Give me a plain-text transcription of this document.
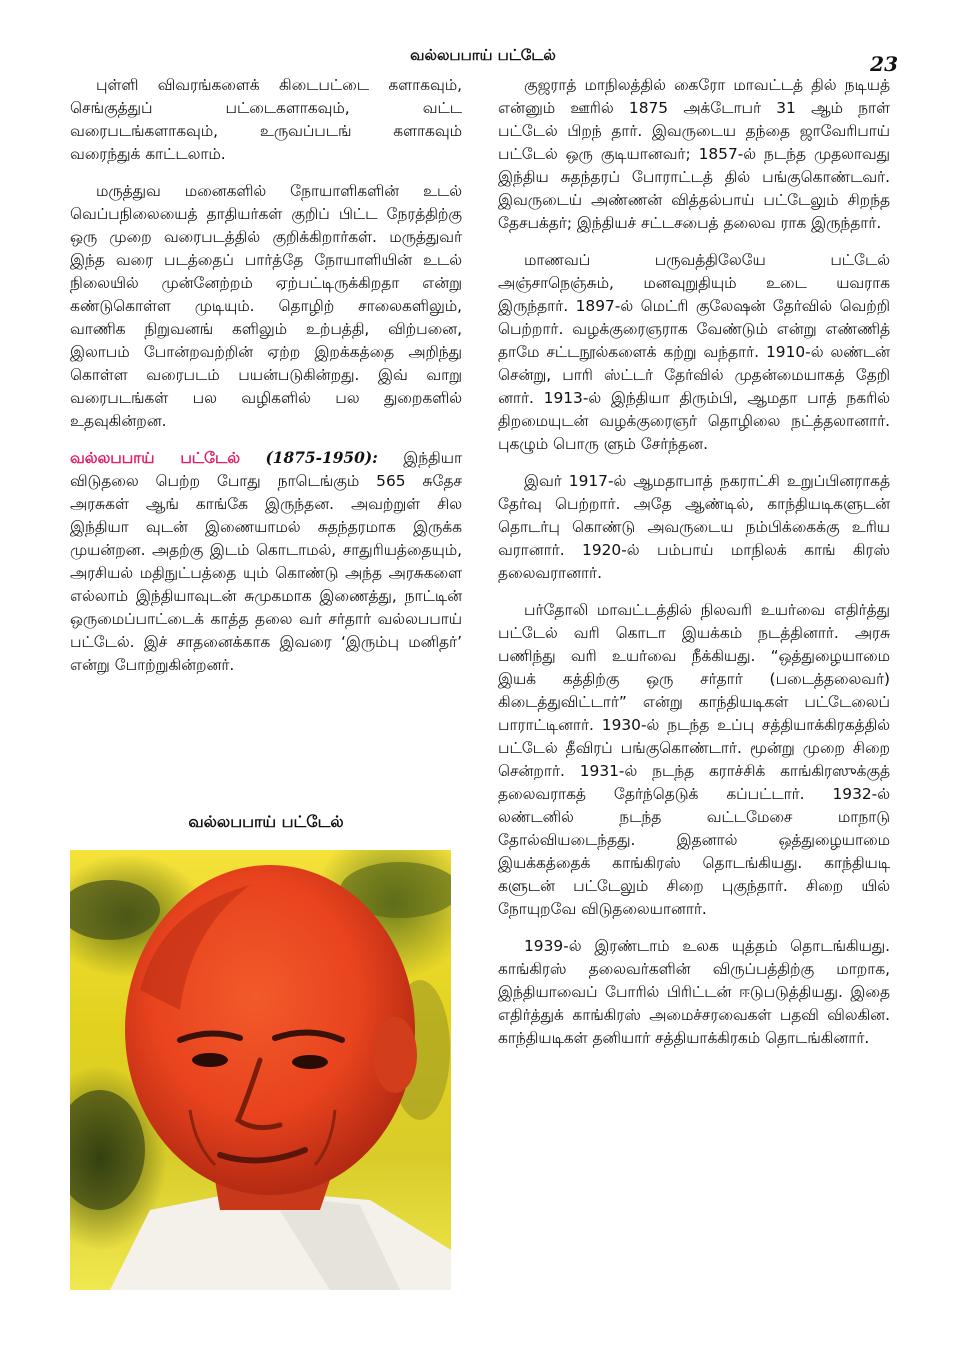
வல்லபபாய் பட்டேல்	23

புள்ளி விவரங்களைக் கிடைபட்டை களாகவும், செங்குத்துப் பட்டைகளாகவும், வட்ட வரைபடங்களாகவும், உருவப்படங் களாகவும் வரைந்துக் காட்டலாம்.

மருத்துவ மனைகளில் நோயாளிகளின் உடல் வெப்பநிலையைத் தாதியர்கள் குறிப் பிட்ட நேரத்திற்கு ஒரு முறை வரைபடத்தில் குறிக்கிறார்கள். மருத்துவர் இந்த வரை படத்தைப் பார்த்தே நோயாளியின் உடல் நிலையில் முன்னேற்றம் ஏற்பட்டிருக்கிறதா என்று கண்டுகொள்ள முடியும். தொழிற் சாலைகளிலும், வாணிக நிறுவனங் களிலும் உற்பத்தி, விற்பனை, இலாபம் போன்றவற்றின் ஏற்ற இறக்கத்தை அறிந்து கொள்ள வரைபடம் பயன்படுகின்றது. இவ் வாறு வரைபடங்கள் பல வழிகளில் பல துறைகளில் உதவுகின்றன.

வல்லபபாய் பட்டேல் (1875-1950): இந்தியா விடுதலை பெற்ற போது நாடெங்கும் 565 சுதேச அரசுகள் ஆங் காங்கே இருந்தன. அவற்றுள் சில இந்தியா வுடன் இணையாமல் சுதந்தரமாக இருக்க முயன்றன. அதற்கு இடம் கொடாமல், சாதுரியத்தையும், அரசியல் மதிநுட்பத்தை யும் கொண்டு அந்த அரசுகளை எல்லாம் இந்தியாவுடன் சுமுகமாக இணைத்து, நாட்டின் ஒருமைப்பாட்டைக் காத்த தலை வர் சர்தார் வல்லபபாய் பட்டேல். இச் சாதனைக்காக இவரை ‘இரும்பு மனிதர்’ என்று போற்றுகின்றனர்.

வல்லபபாய் பட்டேல்

குஜராத் மாநிலத்தில் கைரோ மாவட்டத் தில் நடியத் என்னும் ஊரில் 1875 அக்டோபர் 31 ஆம் நாள் பட்டேல் பிறந் தார். இவருடைய தந்தை ஜாவேரிபாய் பட்டேல் ஒரு குடியானவர்; 1857-ல் நடந்த முதலாவது இந்திய சுதந்தரப் போராட்டத் தில் பங்குகொண்டவர். இவருடைய் அண்ணன் வித்தல்பாய் பட்டேலும் சிறந்த தேசபக்தர்; இந்தியச் சட்டசபைத் தலைவ ராக இருந்தார்.

மாணவப் பருவத்திலேயே பட்டேல் அஞ்சாநெஞ்சும், மனவுறுதியும் உடை யவராக இருந்தார். 1897-ல் மெட்ரி குலேஷன் தேர்வில் வெற்றி பெற்றார். வழக்குரைஞராக வேண்டும் என்று எண்ணித் தாமே சட்டநூல்களைக் கற்று வந்தார். 1910-ல் லண்டன் சென்று, பாரி ஸ்ட்டர் தேர்வில் முதன்மையாகத் தேறி னார். 1913-ல் இந்தியா திரும்பி, ஆமதா பாத் நகரில் திறமையுடன் வழக்குரைஞர் தொழிலை நட்த்தலானார். புகழும் பொரு ளும் சேர்ந்தன.

இவர் 1917-ல் ஆமதாபாத் நகராட்சி உறுப்பினராகத் தேர்வு பெற்றார். அதே ஆண்டில், காந்தியடிகளுடன் தொடர்பு கொண்டு அவருடைய நம்பிக்கைக்கு உரிய வரானார். 1920-ல் பம்பாய் மாநிலக் காங் கிரஸ் தலைவரானார்.

பர்தோலி மாவட்டத்தில் நிலவரி உயர்வை எதிர்த்து பட்டேல் வரி கொடா இயக்கம் நடத்தினார். அரசு பணிந்து வரி உயர்வை நீக்கியது. “ஒத்துழையாமை இயக் கத்திற்கு ஒரு சர்தார் (படைத்தலைவர்) கிடைத்துவிட்டார்” என்று காந்தியடிகள் பட்டேலைப் பாராட்டினார். 1930-ல் நடந்த உப்பு சத்தியாக்கிரகத்தில் பட்டேல் தீவிரப் பங்குகொண்டார். மூன்று முறை சிறை சென்றார். 1931-ல் நடந்த கராச்சிக் காங்கிரஸுக்குத் தலைவராகத் தேர்ந்தெடுக் கப்பட்டார். 1932-ல் லண்டனில் நடந்த வட்டமேசை மாநாடு தோல்வியடைந்தது. இதனால் ஒத்துழையாமை இயக்கத்தைக் காங்கிரஸ் தொடங்கியது. காந்தியடி களுடன் பட்டேலும் சிறை புகுந்தார். சிறை யில் நோயுறவே விடுதலையானார்.

1939-ல் இரண்டாம் உலக யுத்தம் தொடங்கியது. காங்கிரஸ் தலைவர்களின் விருப்பத்திற்கு மாறாக, இந்தியாவைப் போரில் பிரிட்டன் ஈடுபடுத்தியது. இதை எதிர்த்துக் காங்கிரஸ் அமைச்சரவைகள் பதவி விலகின. காந்தியடிகள் தனியார் சத்தியாக்கிரகம் தொடங்கினார்.
